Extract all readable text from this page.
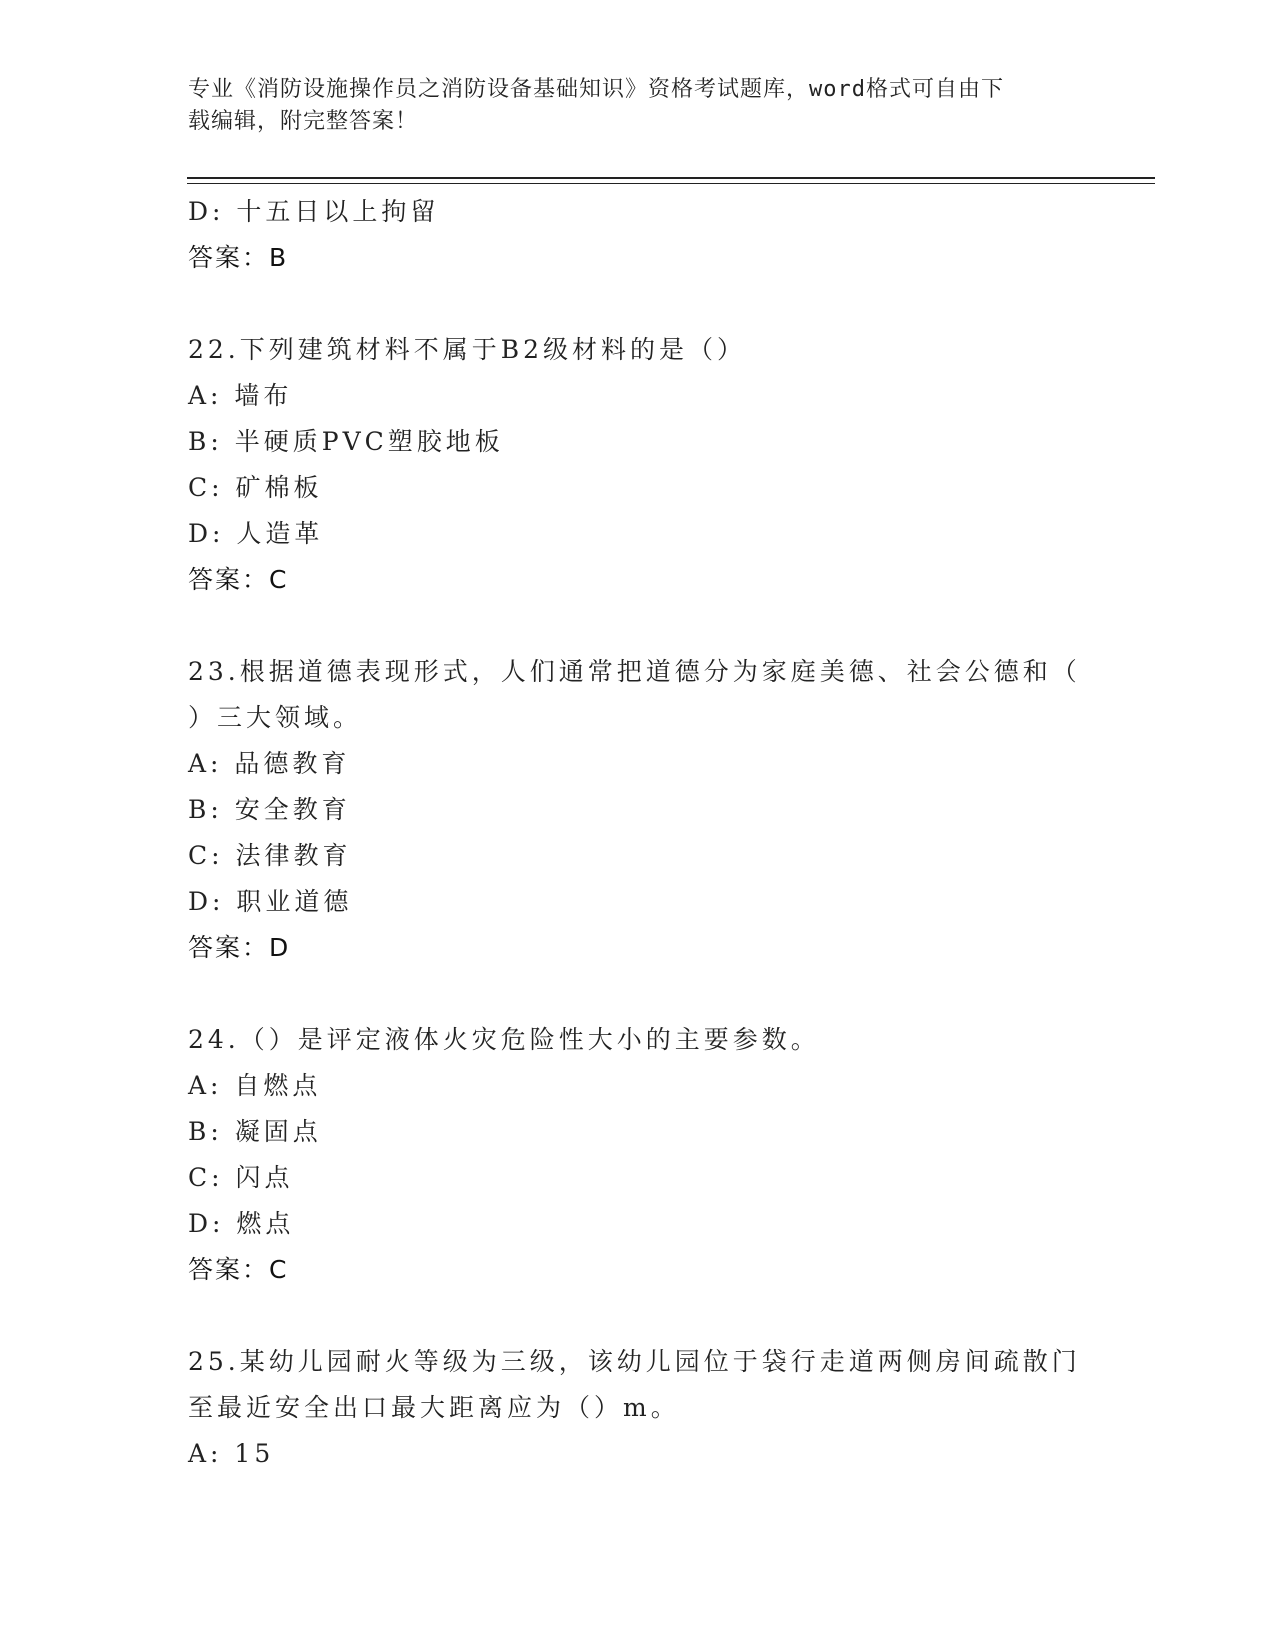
专业《消防设施操作员之消防设备基础知识》资格考试题库，word格式可自由下
载编辑，附完整答案！
D: 十五日以上拘留
答案：B
22.下列建筑材料不属于B2级材料的是（）
A: 墙布
B: 半硬质PVC塑胶地板
C: 矿棉板
D: 人造革
答案：C
23.根据道德表现形式，人们通常把道德分为家庭美德、社会公德和（
）三大领域。
A: 品德教育
B: 安全教育
C: 法律教育
D: 职业道德
答案：D
24.（）是评定液体火灾危险性大小的主要参数。
A: 自燃点
B: 凝固点
C: 闪点
D: 燃点
答案：C
25.某幼儿园耐火等级为三级，该幼儿园位于袋行走道两侧房间疏散门
至最近安全出口最大距离应为（）m。
A: 15
